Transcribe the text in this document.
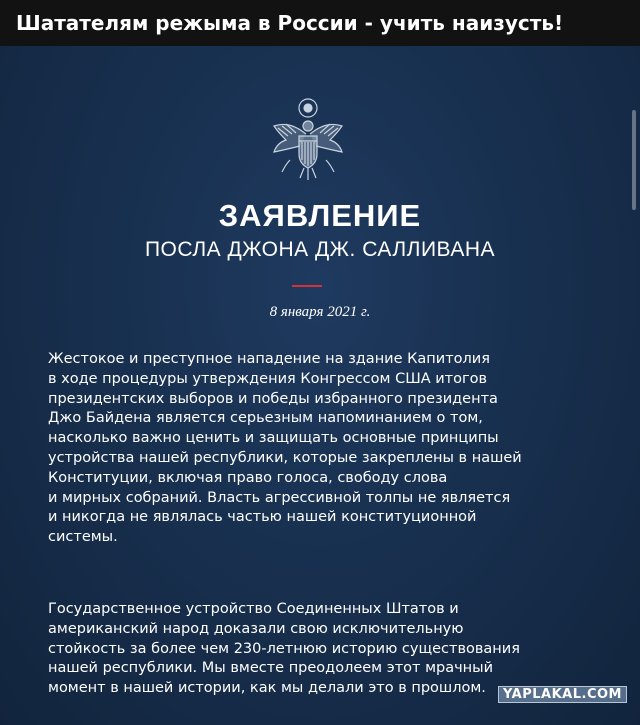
Шатателям режыма в России - учить наизусть!
ЗАЯВЛЕНИЕ
ПОСЛА ДЖОНА ДЖ. САЛЛИВАНА
8 января 2021 г.
Жестокое и преступное нападение на здание Капитолия
в ходе процедуры утверждения Конгрессом США итогов
президентских выборов и победы избранного президента
Джо Байдена является серьезным напоминанием о том,
насколько важно ценить и защищать основные принципы
устройства нашей республики, которые закреплены в нашей
Конституции, включая право голоса, свободу слова
и мирных собраний. Власть агрессивной толпы не является
и никогда не являлась частью нашей конституционной
системы.
Государственное устройство Соединенных Штатов и
американский народ доказали свою исключительную
стойкость за более чем 230-летнюю историю существования
нашей республики. Мы вместе преодолеем этот мрачный
момент в нашей истории, как мы делали это в прошлом.	YAPLAKAL.COM
